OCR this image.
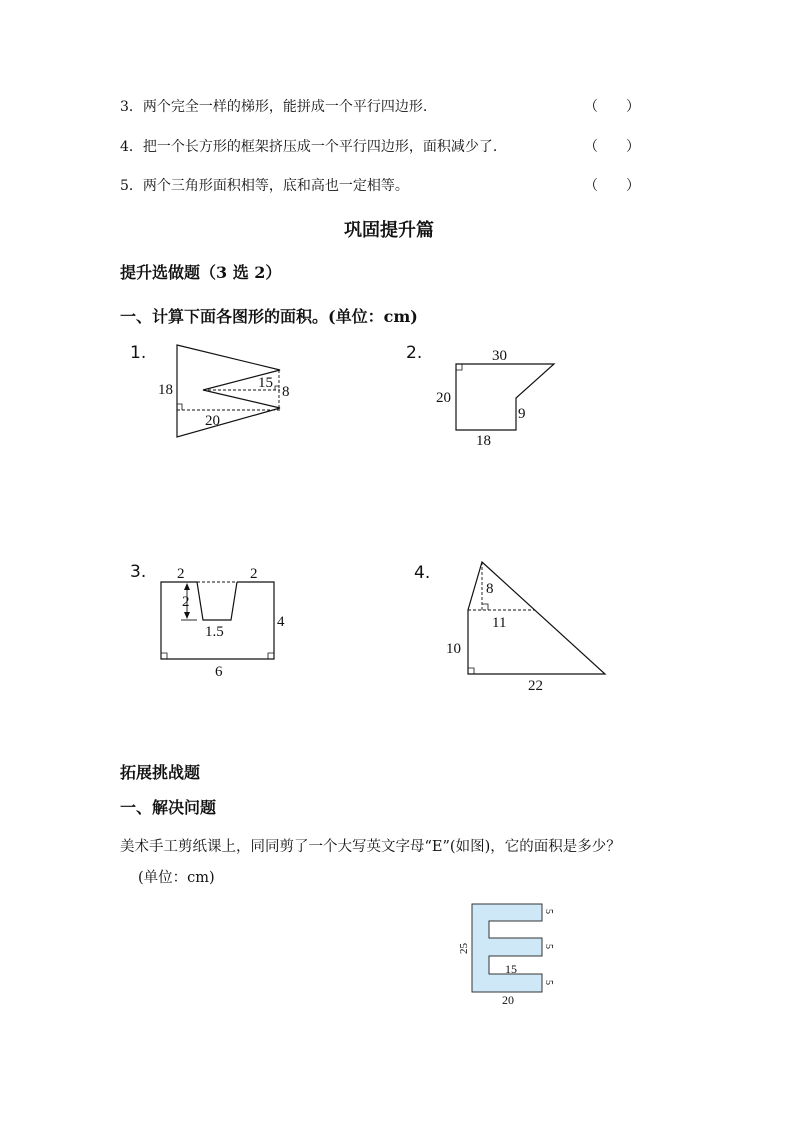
3．两个完全一样的梯形，能拼成一个平行四边形.	（　　）
4．把一个长方形的框架挤压成一个平行四边形，面积减少了.	（　　）
5．两个三角形面积相等，底和高也一定相等。	（　　）
巩固提升篇
提升选做题（3 选 2）
一、计算下面各图形的面积。(单位：cm)
1.	2.
3.	4.
18	15
8
20
30
20
9
18
2	2
2
1.5
4
6
8
11
10
22
拓展挑战题
一、解决问题
美术手工剪纸课上，同同剪了一个大写英文字母“E”(如图)，它的面积是多少？
(单位：cm)
25
15
20
5
5
5
